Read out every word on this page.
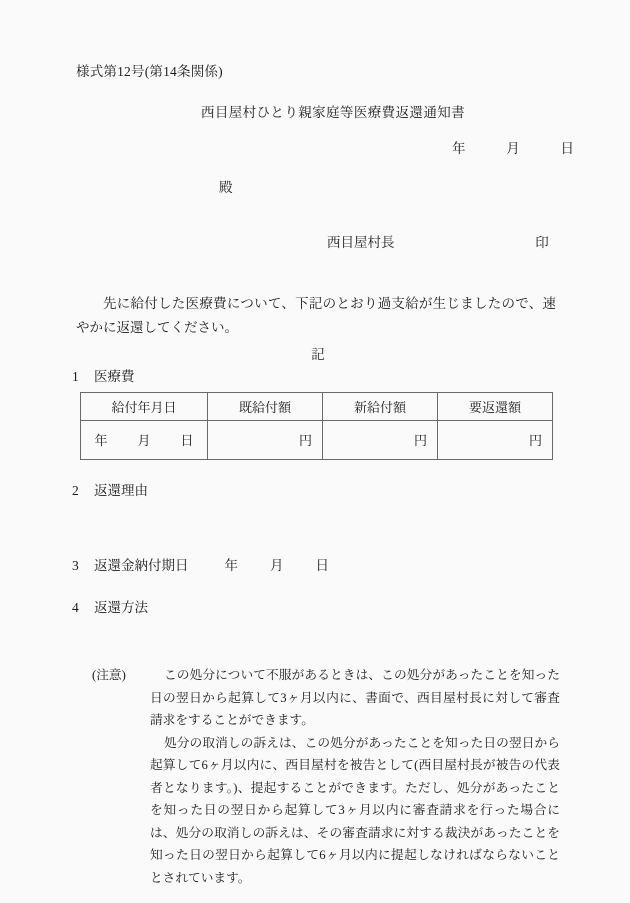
様式第12号(第14条関係)
西目屋村ひとり親家庭等医療費返還通知書
年	月	日
殿
西目屋村長	印
先に給付した医療費について、下記のとおり過支給が生じましたので、速やかに返還してください。
記
1 医療費
給付年月日	既給付額	新給付額	要返還額

年 月 日	円	円	円
2 返還理由
3 返還金納付期日	年 月 日
4 返還方法
(注意)	この処分について不服があるときは、この処分があったことを知った日の翌日から起算して3ヶ月以内に、書面で、西目屋村長に対して審査請求をすることができます。
処分の取消しの訴えは、この処分があったことを知った日の翌日から起算して6ヶ月以内に、西目屋村を被告として(西目屋村長が被告の代表者となります。)、提起することができます。ただし、処分があったことを知った日の翌日から起算して3ヶ月以内に審査請求を行った場合には、処分の取消しの訴えは、その審査請求に対する裁決があったことを知った日の翌日から起算して6ヶ月以内に提起しなければならないこととされています。
